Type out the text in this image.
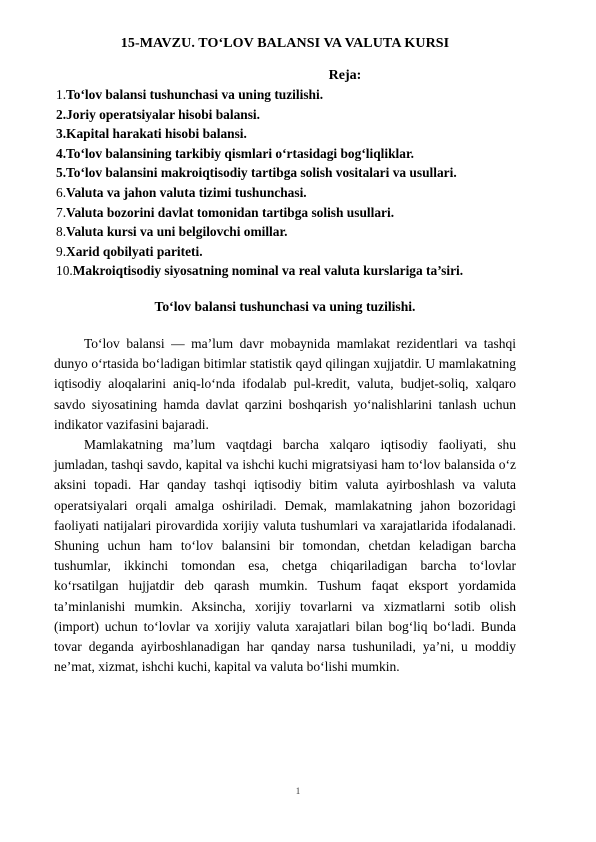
15-MAVZU. TO‘LOV BALANSI VA VALUTA KURSI
Reja:
1.To‘lov balansi tushunchasi va uning tuzilishi.
2.Joriy operatsiyalar hisobi balansi.
3.Kapital harakati hisobi balansi.
4.To‘lov balansining tarkibiy qismlari o‘rtasidagi bog‘liqliklar.
5.To‘lov balansini makroiqtisodiy tartibga solish vositalari va usullari.
6.Valuta va jahon valuta tizimi tushunchasi.
7.Valuta bozorini davlat tomonidan tartibga solish usullari.
8.Valuta kursi va uni belgilovchi omillar.
9.Xarid qobilyati pariteti.
10.Makroiqtisodiy siyosatning nominal va real valuta kurslariga ta’siri.
To‘lov balansi tushunchasi va uning tuzilishi.

To‘lov balansi — ma’lum davr mobaynida mamlakat rezidentlari va tashqi dunyo o‘rtasida bo‘ladigan bitimlar statistik qayd qilingan xujjatdir. U mamlakatning iqtisodiy aloqalarini aniq-lo‘nda ifodalab pul-kredit, valuta, budjet-soliq, xalqaro savdo siyosatining hamda davlat qarzini boshqarish yo‘nalishlarini tanlash uchun indikator vazifasini bajaradi.

Mamlakatning ma’lum vaqtdagi barcha xalqaro iqtisodiy faoliyati, shu jumladan, tashqi savdo, kapital va ishchi kuchi migratsiyasi ham to‘lov balansida o‘z aksini topadi. Har qanday tashqi iqtisodiy bitim valuta ayirboshlash va valuta operatsiyalari orqali amalga oshiriladi. Demak, mamlakatning jahon bozoridagi faoliyati natijalari pirovardida xorijiy valuta tushumlari va xarajatlarida ifodalanadi. Shuning uchun ham to‘lov balansini bir tomondan, chetdan keladigan barcha tushumlar, ikkinchi tomondan esa, chetga chiqariladigan barcha to‘lovlar ko‘rsatilgan hujjatdir deb qarash mumkin. Tushum faqat eksport yordamida ta’minlanishi mumkin. Aksincha, xorijiy tovarlarni va xizmatlarni sotib olish (import) uchun to‘lovlar va xorijiy valuta xarajatlari bilan bog‘liq bo‘ladi. Bunda tovar deganda ayirboshlanadigan har qanday narsa tushuniladi, ya’ni, u moddiy ne’mat, xizmat, ishchi kuchi, kapital va valuta bo‘lishi mumkin.

1
